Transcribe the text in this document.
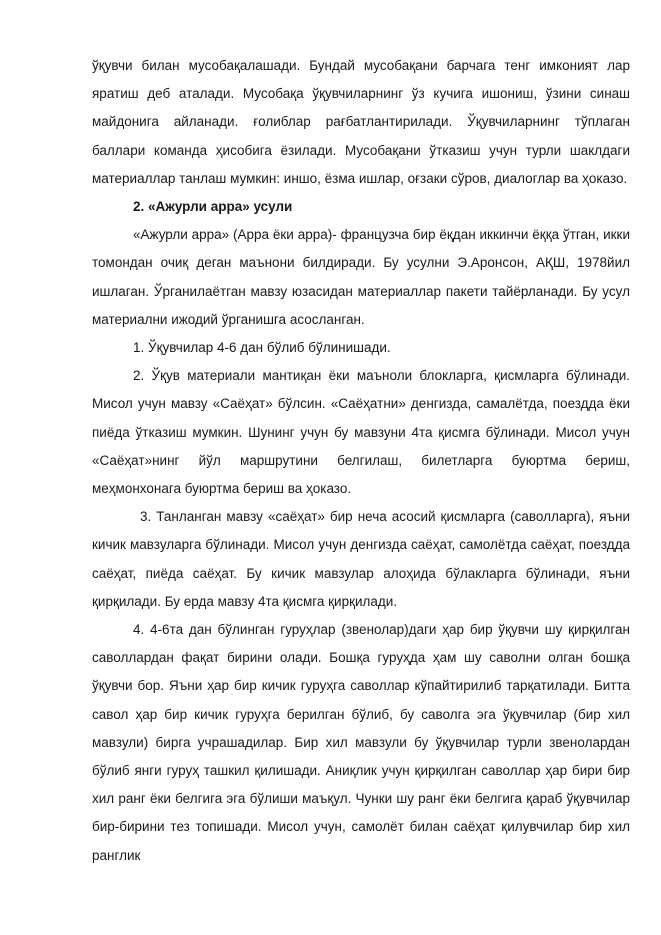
ўқувчи билан мусобақалашади. Бундай мусобақани барчага тенг имконият лар яратиш деб аталади. Мусобақа ўқувчиларнинг ўз кучига ишониш, ўзини синаш майдонига айланади. ғолиблар рағбатлантирилади. Ўқувчиларнинг тўплаган баллари команда ҳисобига ёзилади. Мусобақани ўтказиш учун турли шаклдаги материаллар танлаш мумкин: иншо, ёзма ишлар, оғзаки сўров, диалоглар ва ҳоказо.

2. «Ажурли арра» усули

«Ажурли арра» (Арра ёки арра)- французча бир ёқдан иккинчи ёққа ўтган, икки томондан очиқ деган маънони билдиради. Бу усулни Э.Аронсон, АҚШ, 1978йил ишлаган. Ўрганилаётган мавзу юзасидан материаллар пакети тайёрланади. Бу усул материални ижодий ўрганишга асосланган.

1. Ўқувчилар 4-6 дан бўлиб бўлинишади.

2. Ўқув материали мантиқан ёки маъноли блокларга, қисмларга бўлинади. Мисол учун мавзу «Саёҳат» бўлсин. «Саёҳатни» денгизда, самалётда, поездда ёки пиёда ўтказиш мумкин. Шунинг учун бу мавзуни 4та қисмга бўлинади. Мисол учун «Саёҳат»нинг йўл маршрутини белгилаш, билетларга буюртма бериш, меҳмонхонага буюртма бериш ва ҳоказо.

3. Танланган мавзу «саёҳат» бир неча асосий қисмларга (саволларга), яъни кичик мавзуларга бўлинади. Мисол учун денгизда саёҳат, самолётда саёҳат, поездда саёҳат, пиёда саёҳат. Бу кичик мавзулар алоҳида бўлакларга бўлинади, яъни қирқилади. Бу ерда мавзу 4та қисмга қирқилади.

4. 4-6та дан бўлинган гуруҳлар (звенолар)даги ҳар бир ўқувчи шу қирқилган саволлардан фақат бирини олади. Бошқа гуруҳда ҳам шу саволни олган бошқа ўқувчи бор. Яъни ҳар бир кичик гуруҳга саволлар кўпайтирилиб тарқатилади. Битта савол ҳар бир кичик гуруҳга берилган бўлиб, бу саволга эга ўқувчилар (бир хил мавзули) бирга учрашадилар. Бир хил мавзули бу ўқувчилар турли звенолардан бўлиб янги гуруҳ ташкил қилишади. Аниқлик учун қирқилган саволлар ҳар бири бир хил ранг ёки белгига эга бўлиши маъқул. Чунки шу ранг ёки белгига қараб ўқувчилар бир-бирини тез топишади. Мисол учун, самолёт билан саёҳат қилувчилар бир хил ранглик
